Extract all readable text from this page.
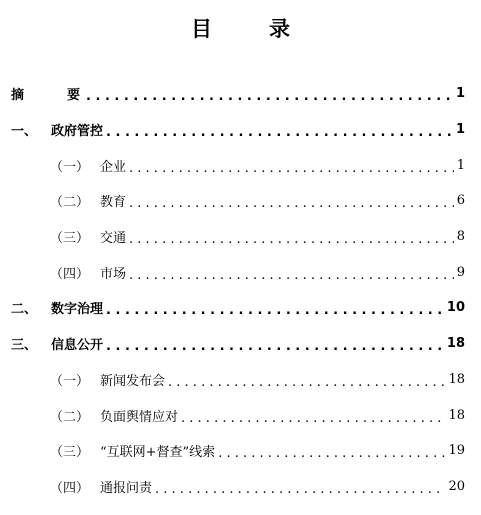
目　录
摘　要 . . .	1
一、	政府管控 . . .	1
（一） 企业 . . .	1
（二） 教育 . . .	6
（三） 交通 . . .	8
（四） 市场 . . .	9
二、	数字治理 . . .	10
三、	信息公开 . . .	18
（一） 新闻发布会 . . .	18
（二） 负面舆情应对 . . .	18
（三） “互联网+督查”线索 . . .	19
（四） 通报问责 . . .	20
